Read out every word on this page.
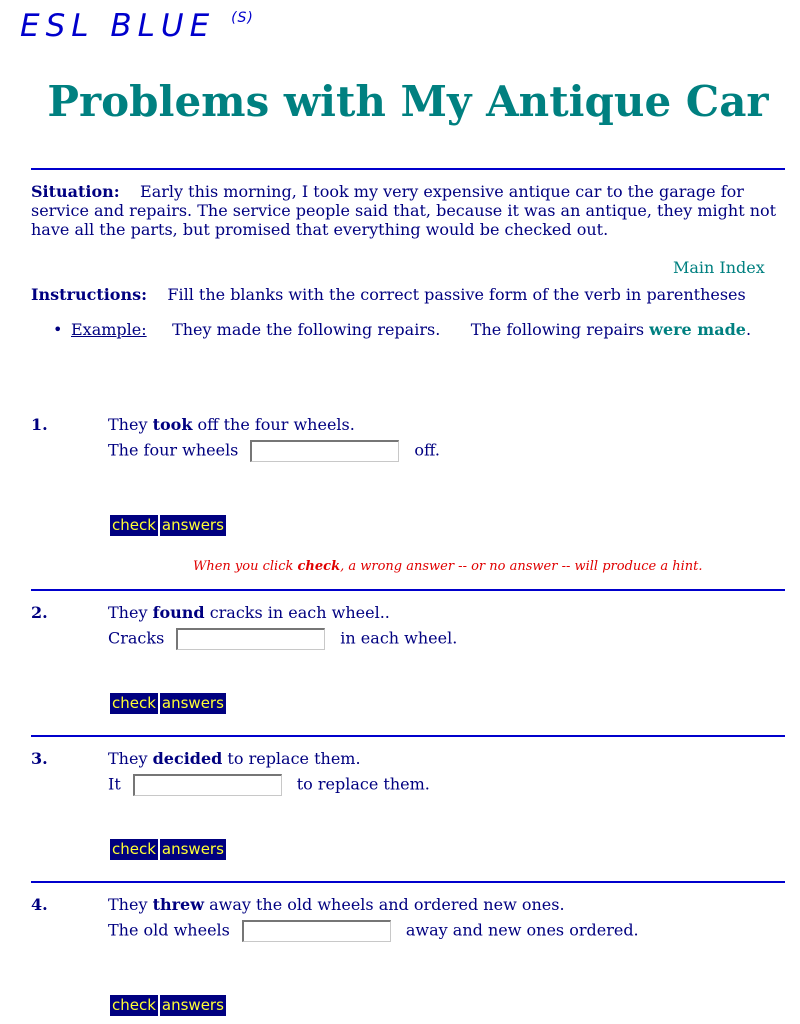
ESL BLUE $^{(S)}$
Problems with My Antique Car
Situation: Early this morning, I took my very expensive antique car to the garage for service and repairs. The service people said that, because it was an antique, they might not have all the parts, but promised that everything would be checked out.
Main Index
Instructions: Fill the blanks with the correct passive form of the verb in parentheses
• Example: They made the following repairs. The following repairs were made.
1.	They took off the four wheels.
The four wheels	off.
check answers
When you click check, a wrong answer -- or no answer -- will produce a hint.
2.	They found cracks in each wheel..
Cracks	in each wheel.
check answers
3.	They decided to replace them.
It	to replace them.
check answers
4.	They threw away the old wheels and ordered new ones.
The old wheels	away and new ones ordered.
check answers
